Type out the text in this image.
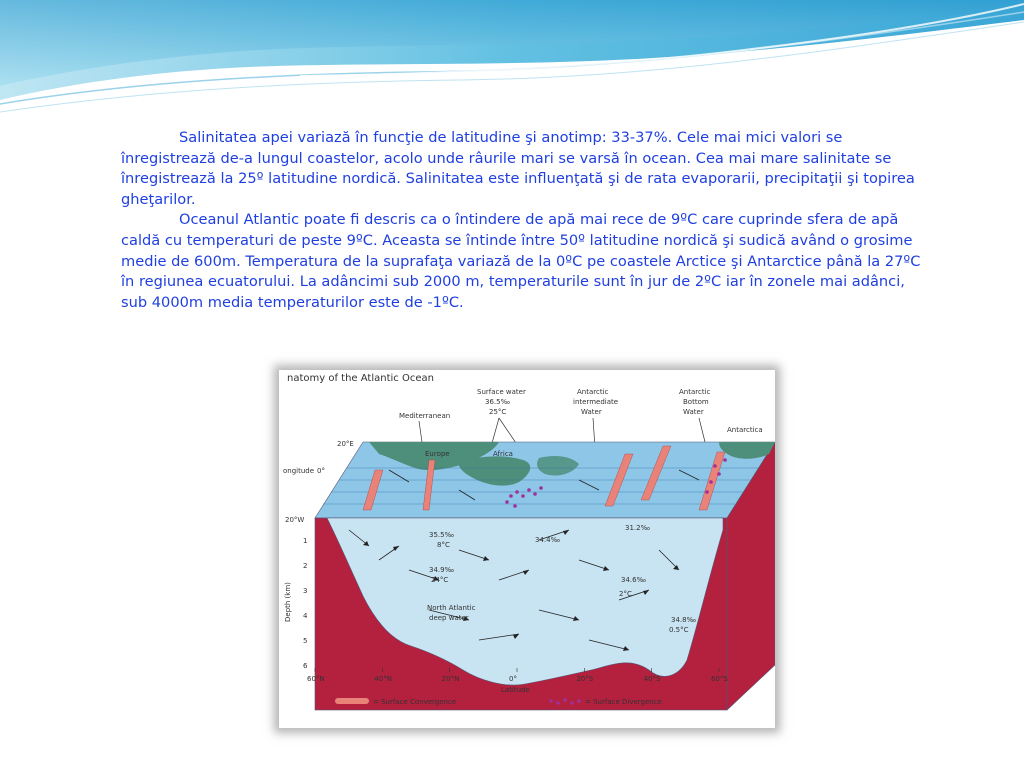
Salinitatea apei variază în funcţie de latitudine şi anotimp: 33-37%. Cele mai mici valori se înregistrează de-a lungul coastelor, acolo unde râurile mari se varsă în ocean. Cea mai mare salinitate se înregistrează la 25º latitudine nordică. Salinitatea este influenţată şi de rata evaporarii, precipitaţii şi topirea gheţarilor.

Oceanul Atlantic poate fi descris ca o întindere de apă mai rece de 9ºC care cuprinde sfera de apă caldă cu temperaturi de peste 9ºC. Aceasta se întinde între 50º latitudine nordică şi sudică având o grosime medie de 600m. Temperatura de la suprafaţa variază de la 0ºC pe coastele Arctice şi Antarctice până la 27ºC în regiunea ecuatorului. La adâncimi sub 2000 m, temperaturile sunt în jur de 2ºC iar în zonele mai adânci, sub 4000m media temperaturilor este de -1ºC.

natomy of the Atlantic Ocean
Mediterranean
Surface water
36.5‰
25°C
Antarctic
intermediate
Water
Antarctic
Bottom
Water
Antarctica
Europe	Africa
35.5‰
8°C
34.4‰
31.2‰
34.9‰
24°C	34.6‰
2°C
North Atlantic
deep water	34.8‰
0.5°C
20°E
ongitude 0°
20°W
Depth (km)
1
2
3
4
5
6
60°N	40°N	20°N	0°	20°S	40°S	60°S
Latitude
= Surface Convergence	= Surface Divergence
